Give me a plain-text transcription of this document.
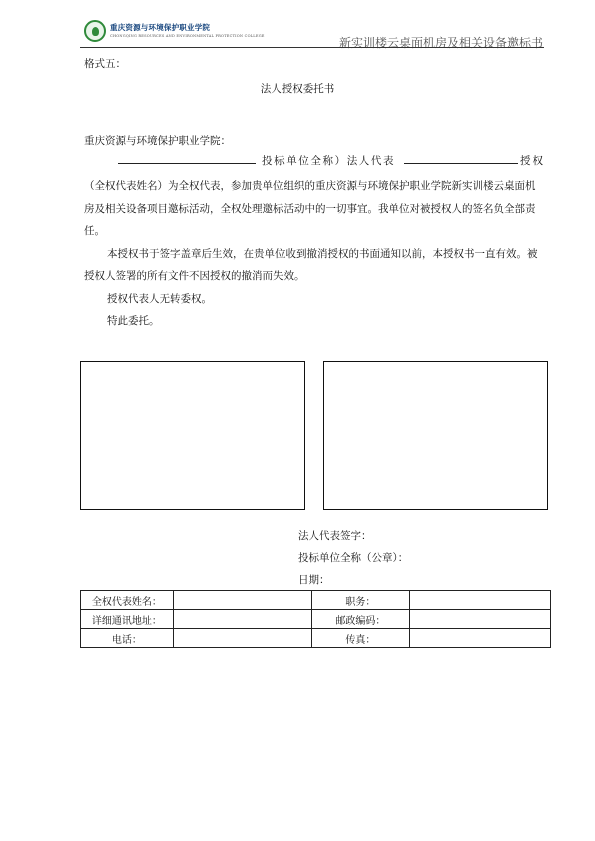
重庆资源与环境保护职业学院
CHONGQING RESOURCES AND ENVIRONMENTAL PROTECTION COLLEGE	新实训楼云桌面机房及相关设备邀标书
格式五：
法人授权委托书
重庆资源与环境保护职业学院：
投标单位全称）法人代表	授权
（全权代表姓名）为全权代表，参加贵单位组织的重庆资源与环境保护职业学院新实训楼云桌面机
房及相关设备项目邀标活动，全权处理邀标活动中的一切事宜。我单位对被授权人的签名负全部责
任。
本授权书于签字盖章后生效，在贵单位收到撤消授权的书面通知以前，本授权书一直有效。被
授权人签署的所有文件不因授权的撤消而失效。
授权代表人无转委权。
特此委托。
法人代表签字：
投标单位全称（公章）：
日期：
全权代表姓名：		职务：	
详细通讯地址：		邮政编码：	
电话：		传真：	
